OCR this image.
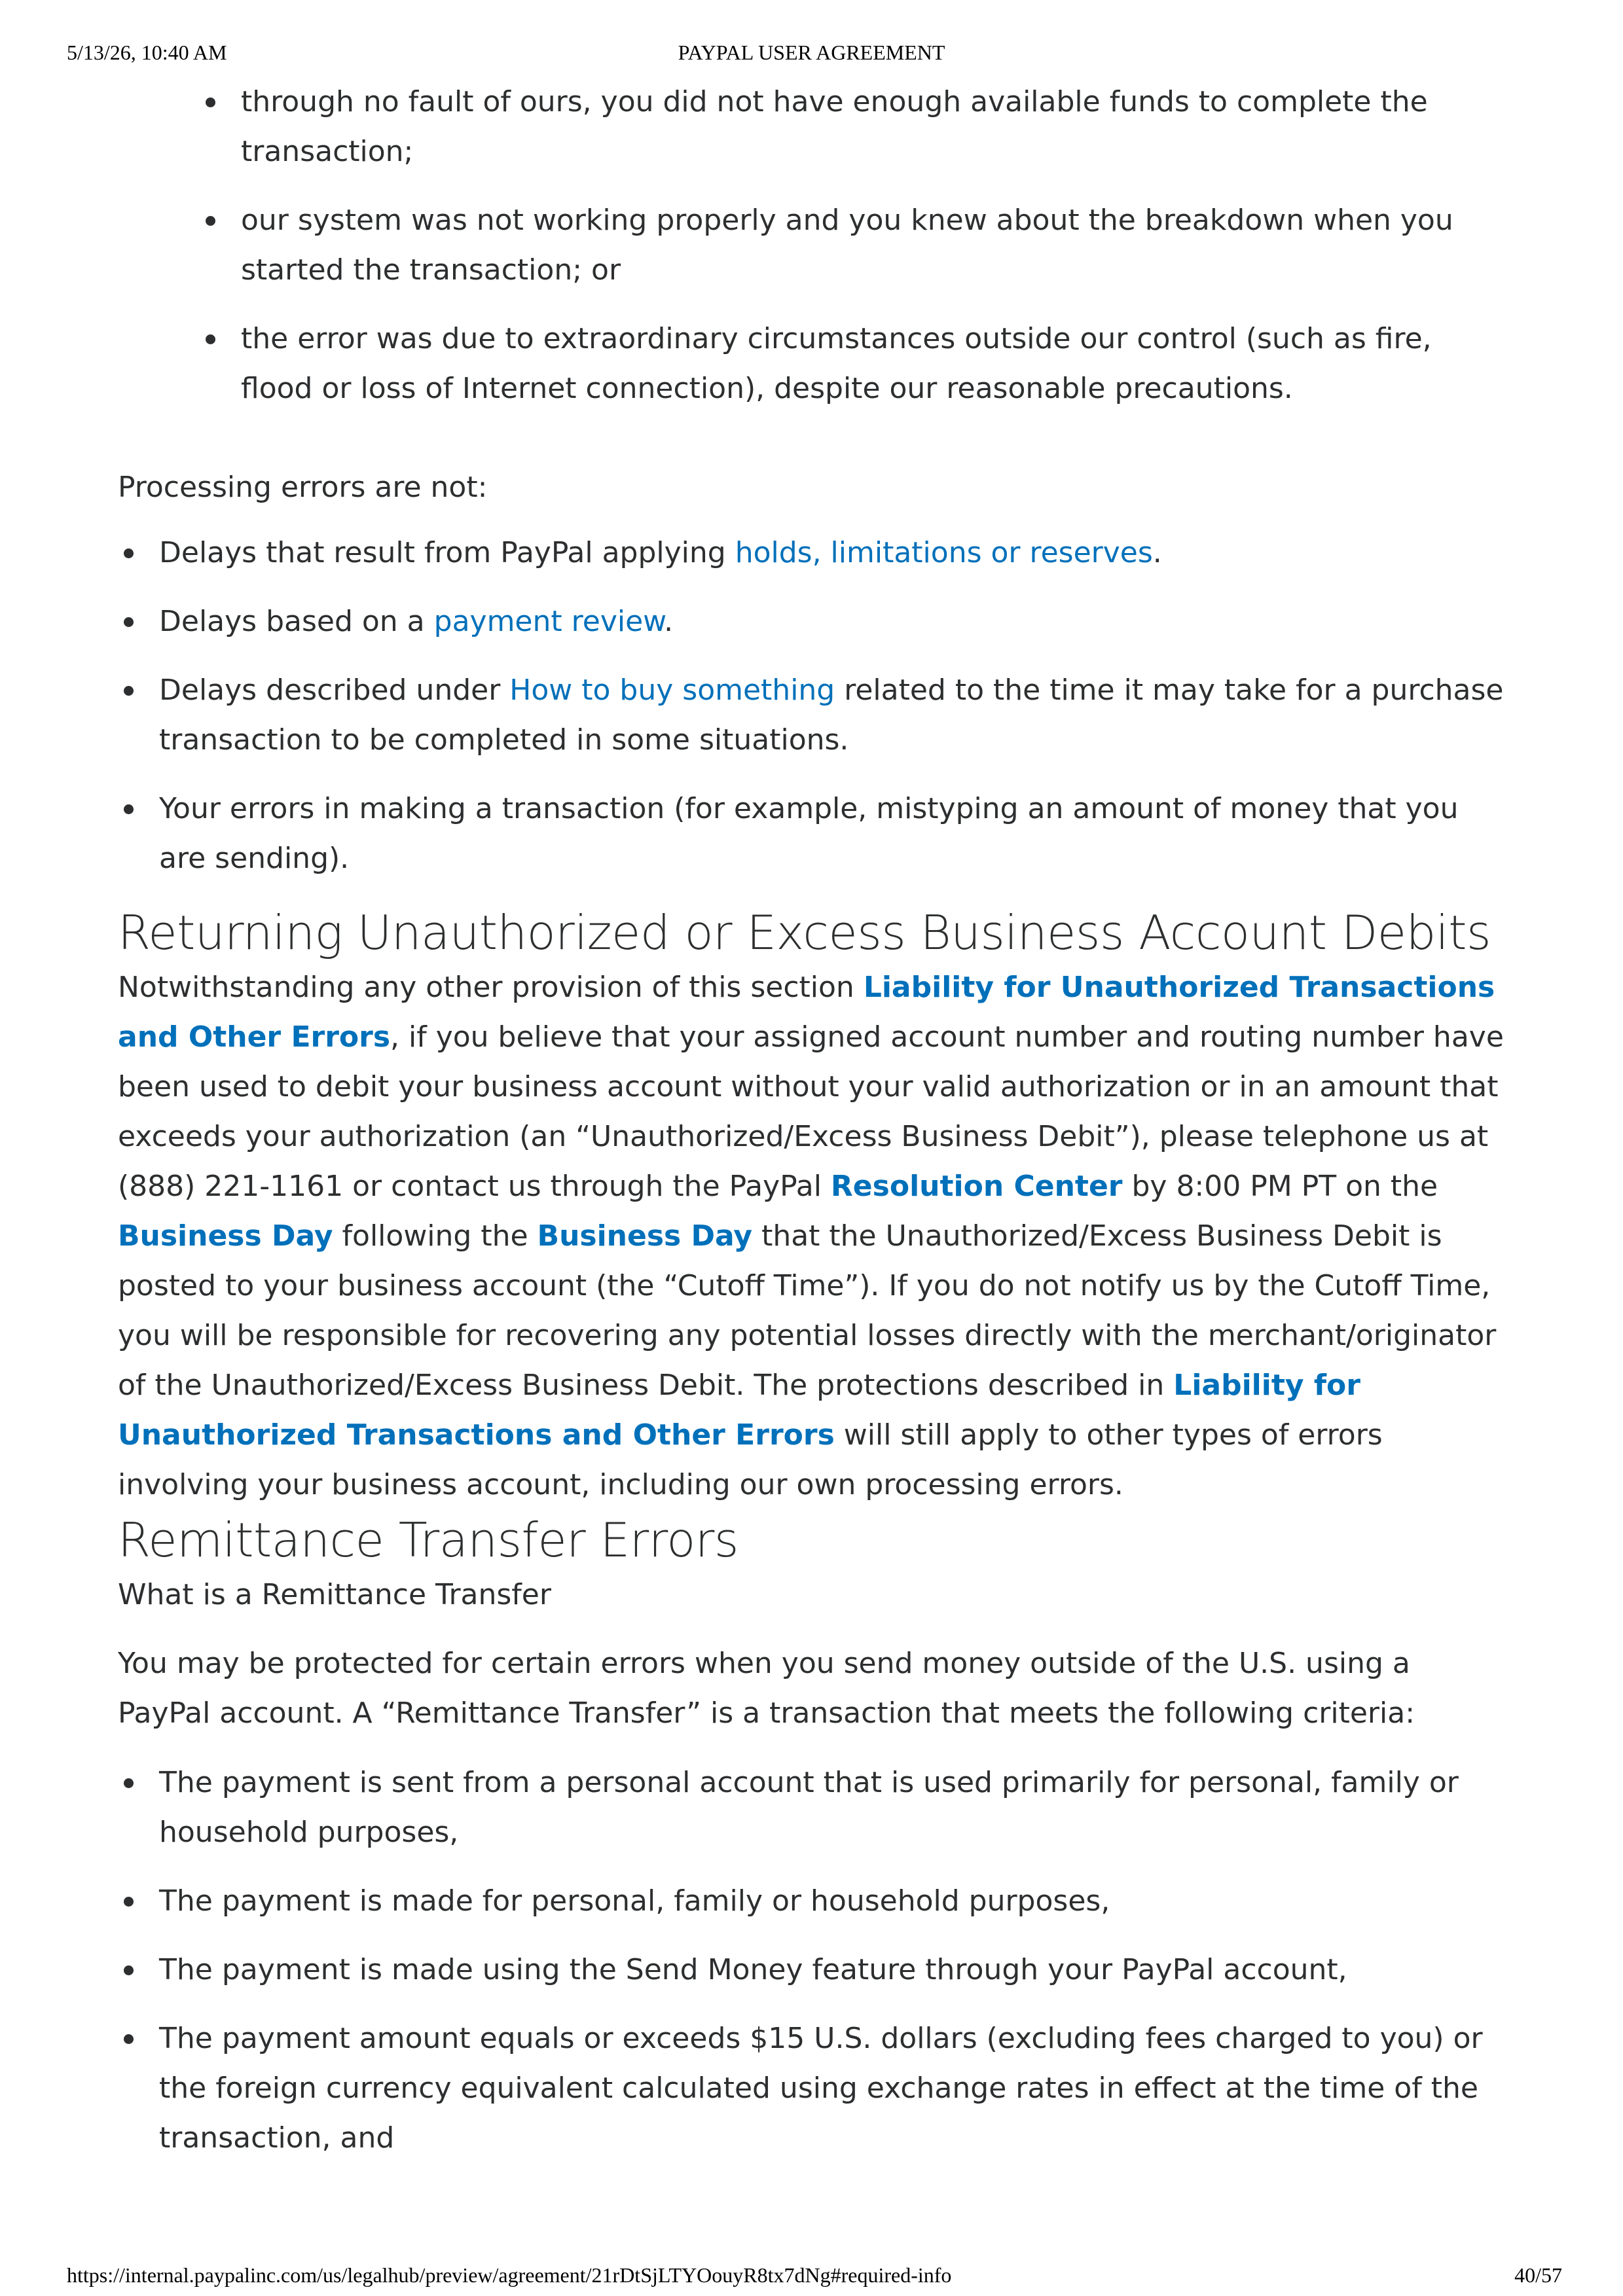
5/13/26, 10:40 AM	PAYPAL USER AGREEMENT
through no fault of ours, you did not have enough available funds to complete the transaction;
our system was not working properly and you knew about the breakdown when you started the transaction; or
the error was due to extraordinary circumstances outside our control (such as fire, flood or loss of Internet connection), despite our reasonable precautions.

Processing errors are not:

Delays that result from PayPal applying holds, limitations or reserves.
Delays based on a payment review.
Delays described under How to buy something related to the time it may take for a purchase transaction to be completed in some situations.
Your errors in making a transaction (for example, mistyping an amount of money that you are sending).
Returning Unauthorized or Excess Business Account Debits

Notwithstanding any other provision of this section Liability for Unauthorized Transactions and Other Errors, if you believe that your assigned account number and routing number have been used to debit your business account without your valid authorization or in an amount that exceeds your authorization (an “Unauthorized/Excess Business Debit”), please telephone us at (888) 221-1161 or contact us through the PayPal Resolution Center by 8:00 PM PT on the Business Day following the Business Day that the Unauthorized/Excess Business Debit is posted to your business account (the “Cutoff Time”). If you do not notify us by the Cutoff Time, you will be responsible for recovering any potential losses directly with the merchant/originator of the Unauthorized/Excess Business Debit. The protections described in Liability for Unauthorized Transactions and Other Errors will still apply to other types of errors involving your business account, including our own processing errors.

Remittance Transfer Errors

What is a Remittance Transfer

You may be protected for certain errors when you send money outside of the U.S. using a PayPal account. A “Remittance Transfer” is a transaction that meets the following criteria:

The payment is sent from a personal account that is used primarily for personal, family or household purposes,
The payment is made for personal, family or household purposes,
The payment is made using the Send Money feature through your PayPal account,
The payment amount equals or exceeds $15 U.S. dollars (excluding fees charged to you) or the foreign currency equivalent calculated using exchange rates in effect at the time of the transaction, and
https://internal.paypalinc.com/us/legalhub/preview/agreement/21rDtSjLTYOouyR8tx7dNg#required-info	40/57
